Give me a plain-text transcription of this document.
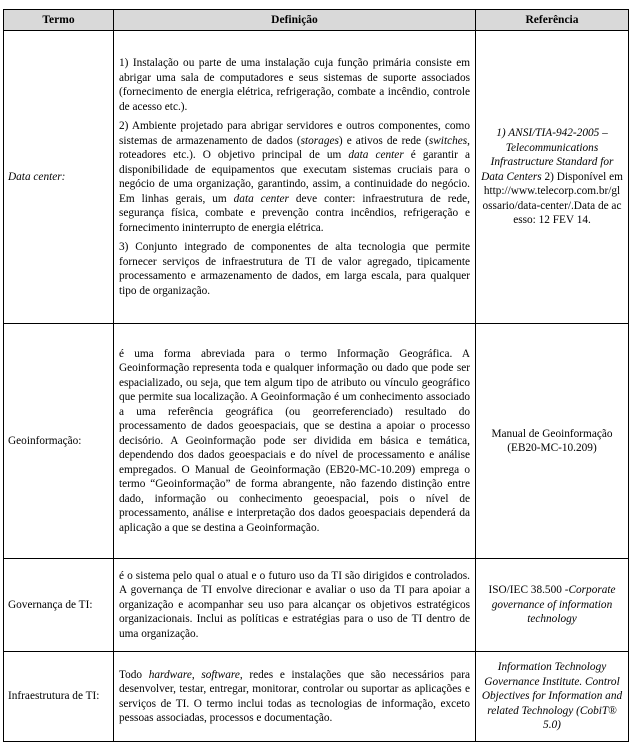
Termo	Definição	Referência
Data center:	1) Instalação ou parte de uma instalação cuja função primária consiste em abrigar uma sala de computadores e seus sistemas de suporte associados (fornecimento de energia elétrica, refrigeração, combate a incêndio, controle de acesso etc.).

2) Ambiente projetado para abrigar servidores e outros componentes, como sistemas de armazenamento de dados (storages) e ativos de rede (switches, roteadores etc.). O objetivo principal de um data center é garantir a disponibilidade de equipamentos que executam sistemas cruciais para o negócio de uma organização, garantindo, assim, a continuidade do negócio. Em linhas gerais, um data center deve conter: infraestrutura de rede, segurança física, combate e prevenção contra incêndios, refrigeração e fornecimento ininterrupto de energia elétrica.

3) Conjunto integrado de componentes de alta tecnologia que permite fornecer serviços de infraestrutura de TI de valor agregado, tipicamente processamento e armazenamento de dados, em larga escala, para qualquer tipo de organização.	1) ANSI/TIA-942-2005 – Telecommunications Infrastructure Standard for Data Centers 2) Disponível em http://www.telecorp.com.br/glossario/data-center/.Data de acesso: 12 FEV 14.
Geoinformação:	é uma forma abreviada para o termo Informação Geográfica. A Geoinformação representa toda e qualquer informação ou dado que pode ser espacializado, ou seja, que tem algum tipo de atributo ou vínculo geográfico que permite sua localização. A Geoinformação é um conhecimento associado a uma referência geográfica (ou georreferenciado) resultado do processamento de dados geoespaciais, que se destina a apoiar o processo decisório. A Geoinformação pode ser dividida em básica e temática, dependendo dos dados geoespaciais e do nível de processamento e análise empregados. O Manual de Geoinformação (EB20-MC-10.209) emprega o termo “Geoinformação” de forma abrangente, não fazendo distinção entre dado, informação ou conhecimento geoespacial, pois o nível de processamento, análise e interpretação dos dados geoespaciais dependerá da aplicação a que se destina a Geoinformação.	Manual de Geoinformação (EB20-MC-10.209)
Governança de TI:	é o sistema pelo qual o atual e o futuro uso da TI são dirigidos e controlados. A governança de TI envolve direcionar e avaliar o uso da TI para apoiar a organização e acompanhar seu uso para alcançar os objetivos estratégicos organizacionais. Inclui as políticas e estratégias para o uso de TI dentro de uma organização.	ISO/IEC 38.500 -Corporate governance of information technology
Infraestrutura de TI:	Todo hardware, software, redes e instalações que são necessários para desenvolver, testar, entregar, monitorar, controlar ou suportar as aplicações e serviços de TI. O termo inclui todas as tecnologias de informação, exceto pessoas associadas, processos e documentação.	Information Technology Governance Institute. Control Objectives for Information and related Technology (CobiT® 5.0)
